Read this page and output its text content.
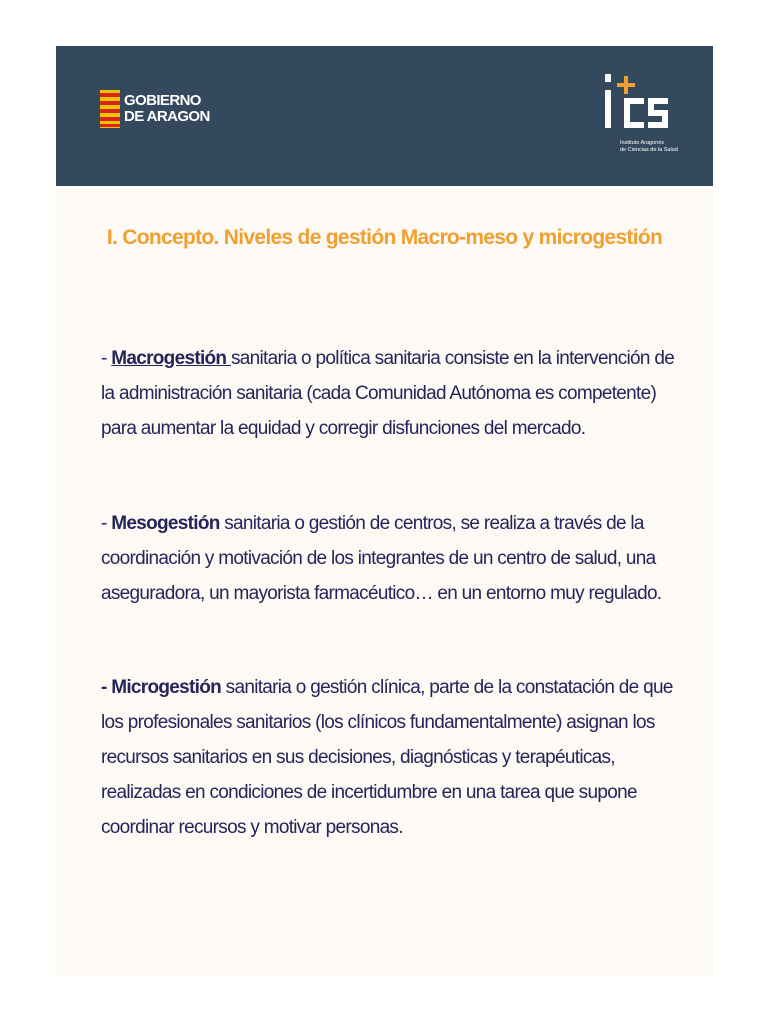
GOBIERNO
DE ARAGON
Instituto Aragonés
de Ciencias de la Salud
I. Concepto. Niveles de gestión Macro-meso y microgestión

- Macrogestión sanitaria o política sanitaria consiste en la intervención de la administración sanitaria (cada Comunidad Autónoma es competente) para aumentar la equidad y corregir disfunciones del mercado.

- Mesogestión sanitaria o gestión de centros, se realiza a través de la coordinación y motivación de los integrantes de un centro de salud, una aseguradora, un mayorista farmacéutico… en un entorno muy regulado.

- Microgestión sanitaria o gestión clínica, parte de la constatación de que los profesionales sanitarios (los clínicos fundamentalmente) asignan los recursos sanitarios en sus decisiones, diagnósticas y terapéuticas, realizadas en condiciones de incertidumbre en una tarea que supone coordinar recursos y motivar personas.
